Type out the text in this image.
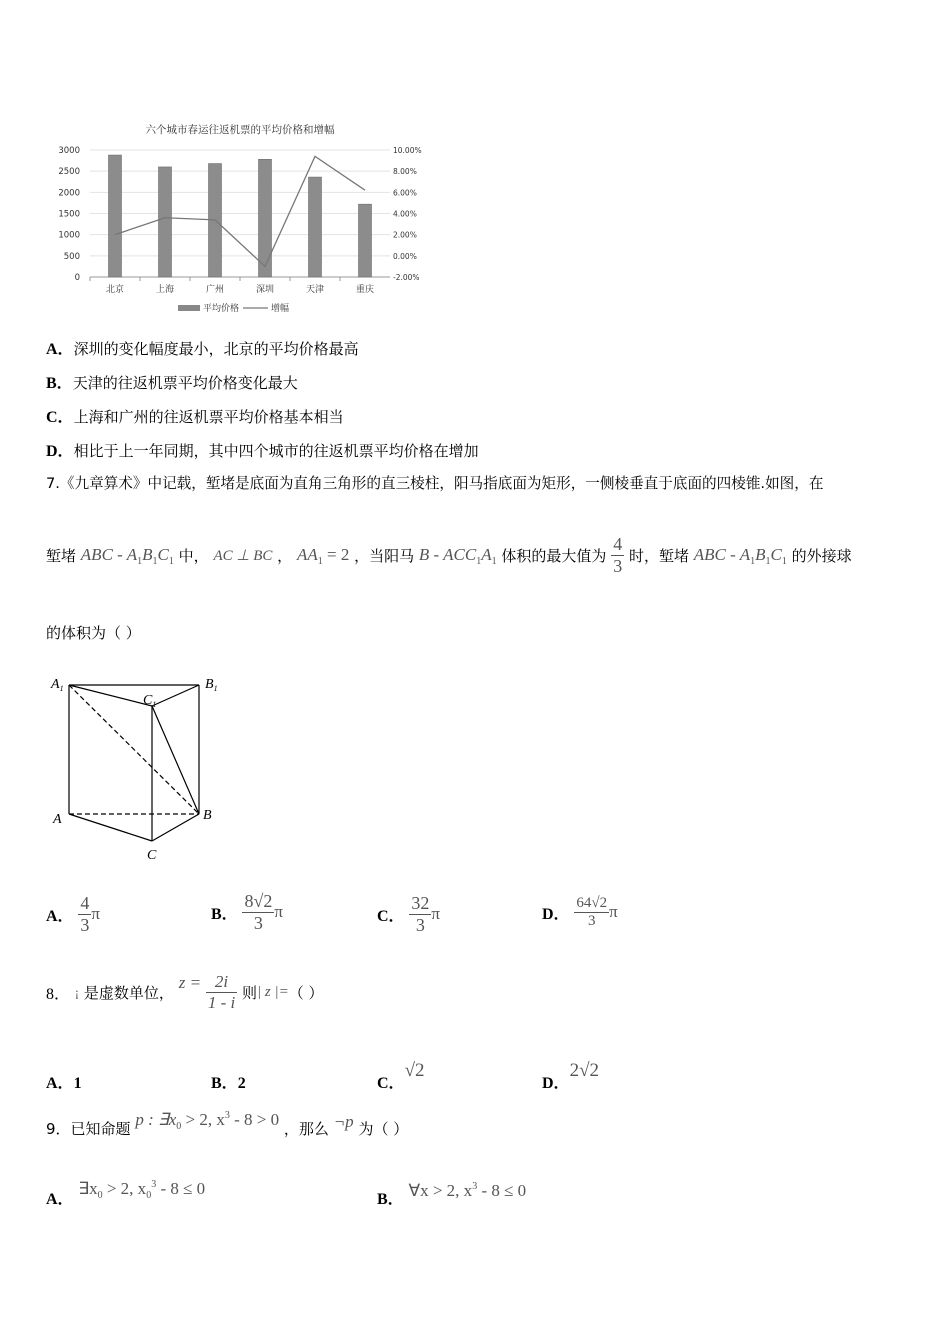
六个城市春运往返机票的平均价格和增幅
3000
2500
2000
1500
1000
500
0
10.00%
8.00%
6.00%
4.00%
2.00%
0.00%
-2.00%
北京	上海	广州	深圳	天津	重庆
平均价格	增幅
A．深圳的变化幅度最小，北京的平均价格最高
B．天津的往返机票平均价格变化最大
C．上海和广州的往返机票平均价格基本相当
D．相比于上一年同期，其中四个城市的往返机票平均价格在增加
7.《九章算术》中记载，堑堵是底面为直角三角形的直三棱柱，阳马指底面为矩形，一侧棱垂直于底面的四棱锥.如图，在
堑堵 ABC - $A_1B_1C_1$ 中， AC ⊥ BC ， $AA_1 = 2$ ，当阳马 B - $ACC_1A_1$ 体积的最大值为 $\frac{4}{3}$ 时，堑堵 ABC - $A_1B_1C_1$ 的外接球
的体积为（ ）
$A_1$	$B_1$
$C_1$
A	B
C
A． $\frac{4}{3}$ π	B． $\frac{8√2}{3}$ π	C． $\frac{32}{3}$ π	D． $\frac{64√2}{3}$ π
8． ¡ 是虚数单位， $z = \frac{2i}{1 - i}$ 则| z |=（ ）
A．1	B．2	C．√2
D．2√2
9．已知命题 p : $\exists x_0 > 2$, $x^3 - 8 > 0$ ，那么 ¬p 为（ ）
A． $\exists x_0 > 2$, $x_0^3 - 8 \le 0$
B． ∀x > 2, $x^3 - 8 \le 0$
